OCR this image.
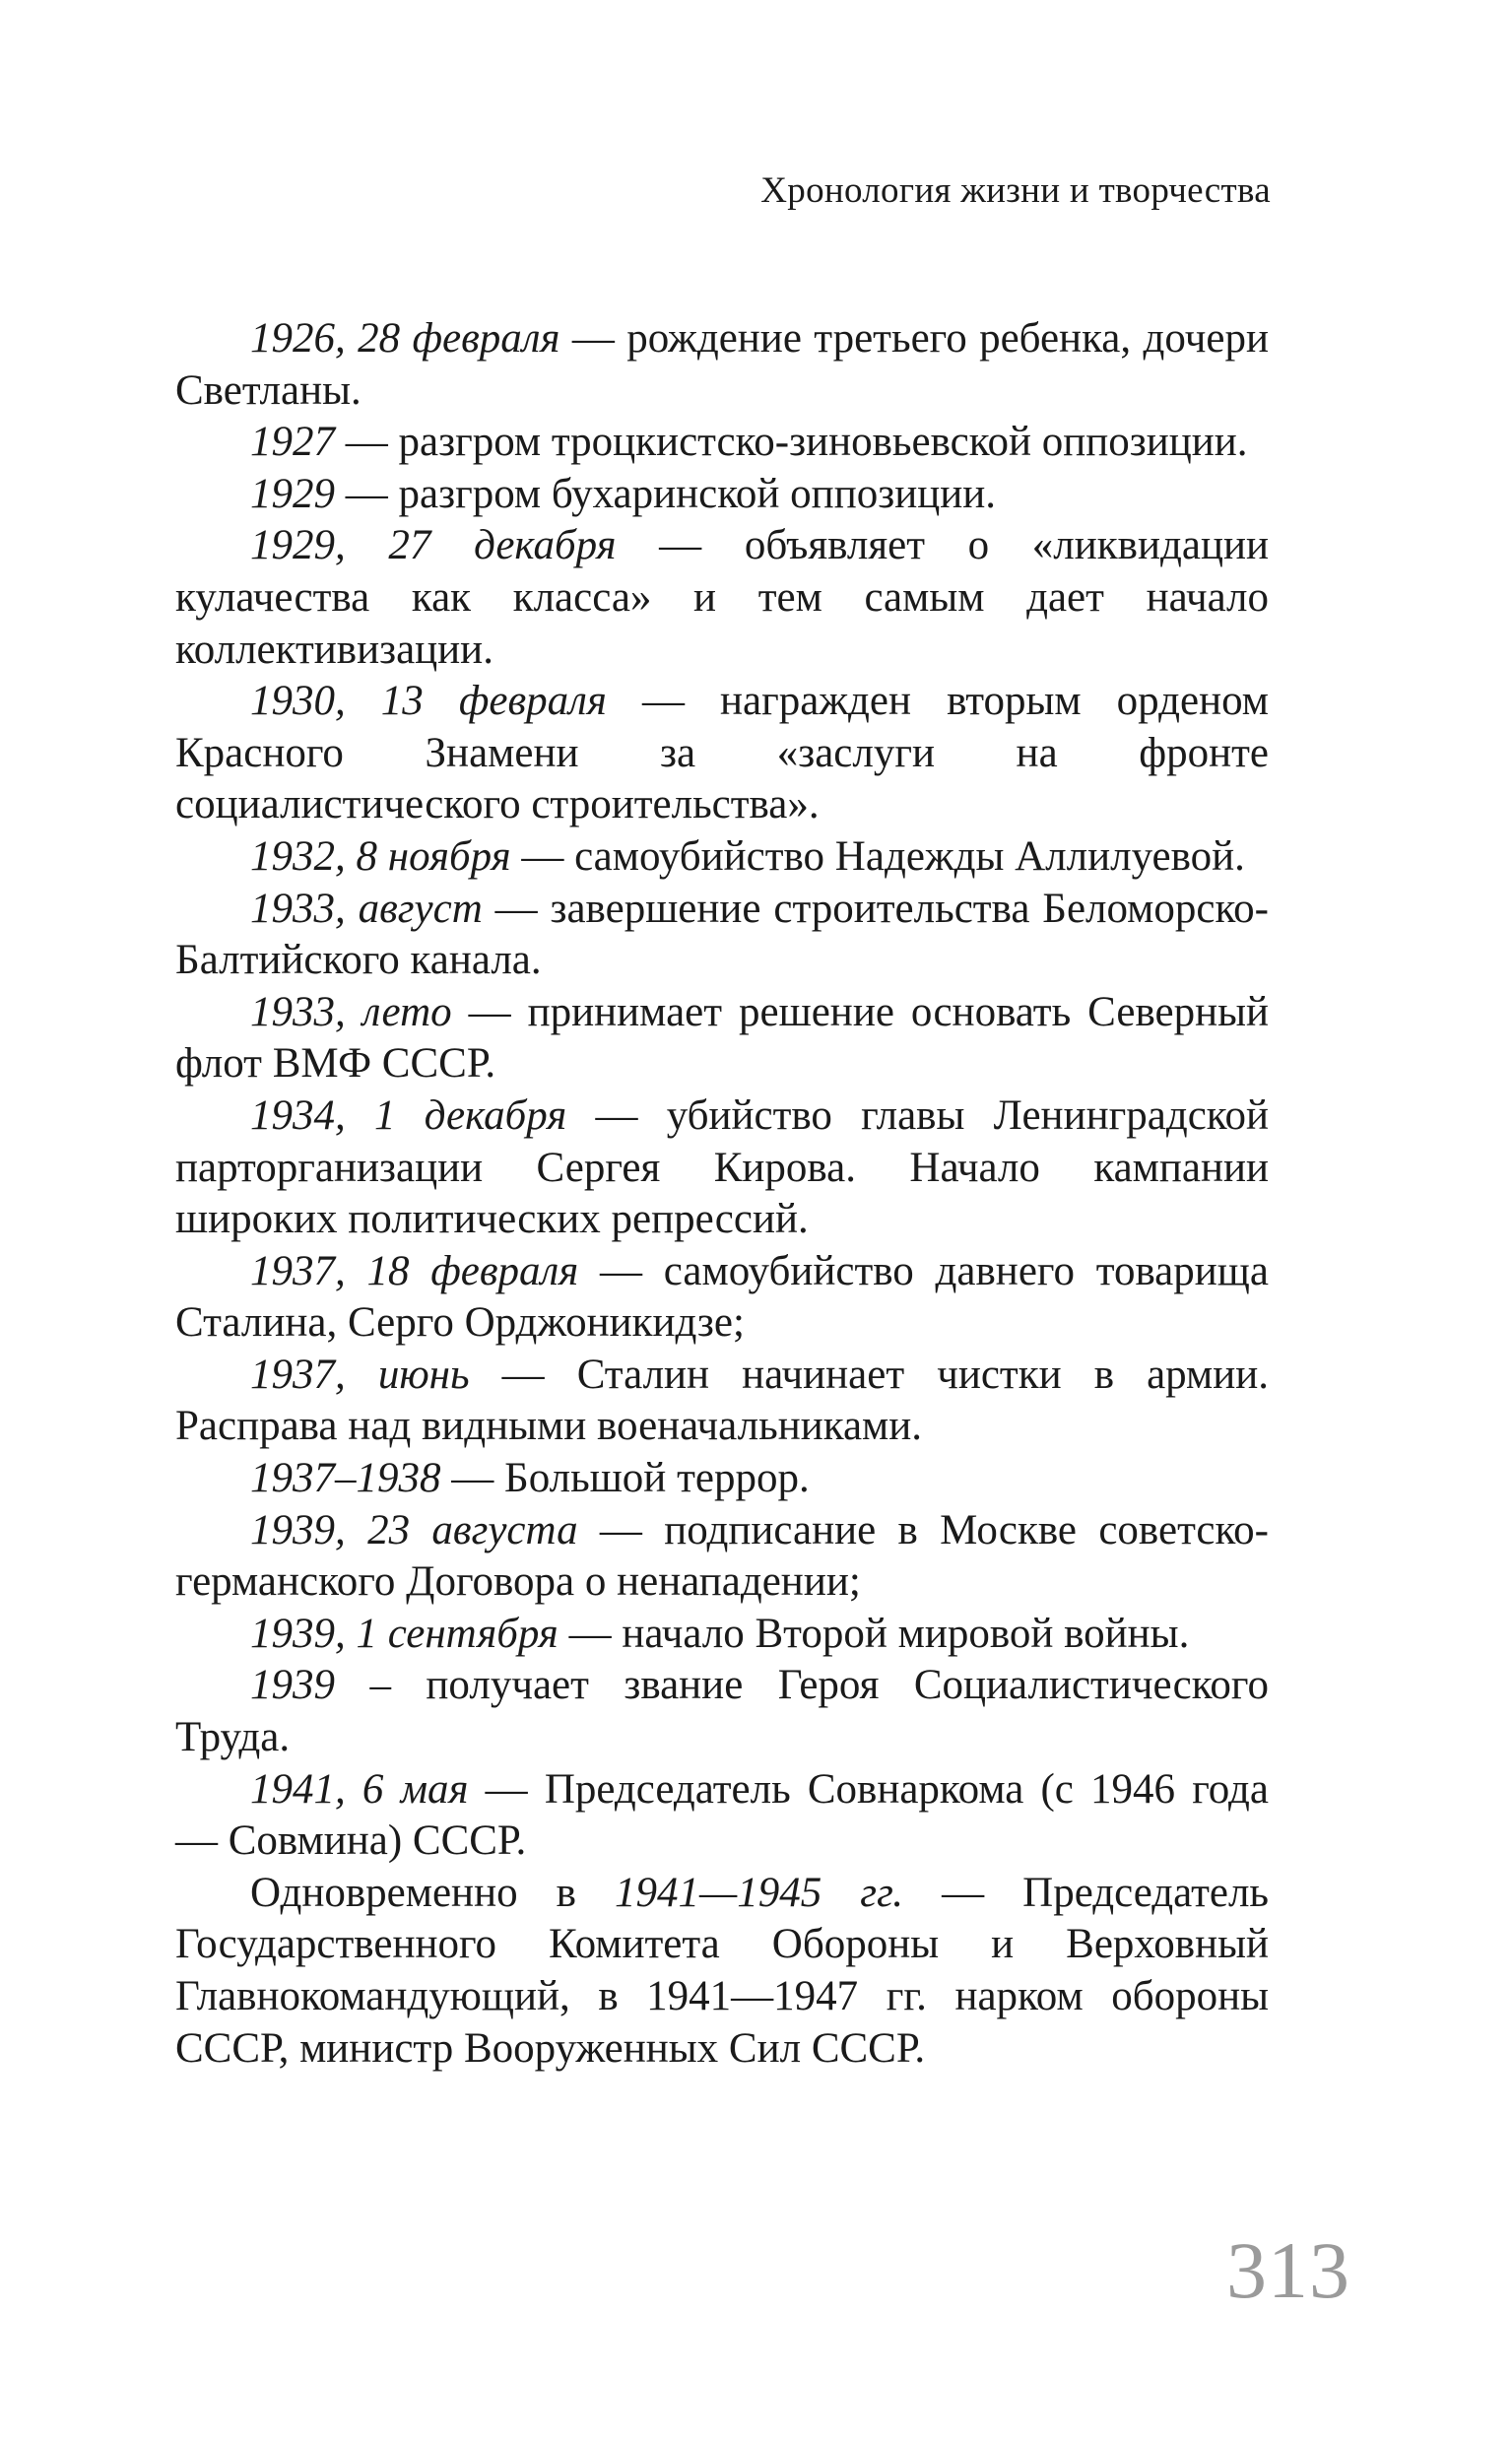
Хронология жизни и творчества

1926, 28 февраля — рождение третьего ребенка, дочери Светланы.

1927 — разгром троцкистско-зиновьевской оппозиции.

1929 — разгром бухаринской оппозиции.

1929, 27 декабря — объявляет о «ликвидации кулачества как класса» и тем самым дает начало коллективизации.

1930, 13 февраля — награжден вторым орденом Красного Знамени за «заслуги на фронте социалистического строительства».

1932, 8 ноября — самоубийство Надежды Аллилуевой.

1933, август — завершение строительства Беломорско-Балтийского канала.

1933, лето — принимает решение основать Северный флот ВМФ СССР.

1934, 1 декабря — убийство главы Ленинградской парторганизации Сергея Кирова. Начало кампании широких политических репрессий.

1937, 18 февраля — самоубийство давнего товарища Сталина, Серго Орджоникидзе;

1937, июнь — Сталин начинает чистки в армии. Расправа над видными военачальниками.

1937–1938 — Большой террор.

1939, 23 августа — подписание в Москве советско-германского Договора о ненападении;

1939, 1 сентября — начало Второй мировой войны.

1939 – получает звание Героя Социалистического Труда.

1941, 6 мая — Председатель Совнаркома (с 1946 года — Совмина) СССР.

Одновременно в 1941—1945 гг. — Председатель Государственного Комитета Обороны и Верховный Главнокомандующий, в 1941—1947 гг. нарком обороны СССР, министр Вооруженных Сил СССР.

313
